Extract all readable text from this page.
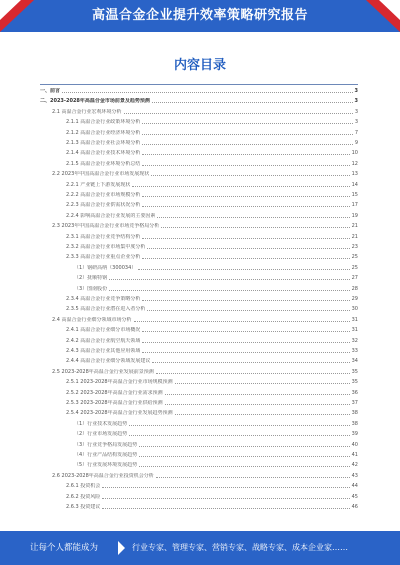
高温合金企业提升效率策略研究报告
内容目录
一、前言	3
二、2023-2028年高温合金市场前景及趋势预测	3
2.1 高温合金行业宏观环境分析	3
2.1.1 高温合金行业政策环境分析	3
2.1.2 高温合金行业经济环境分析	7
2.1.3 高温合金行业社会环境分析	9
2.1.4 高温合金行业技术环境分析	10
2.1.5 高温合金行业环境分析总结	12
2.2 2023年中国高温合金行业市场发展现状	13
2.2.1 产业链上下游发展现状	14
2.2.2 高温合金行业市场规模分析	15
2.2.3 高温合金行业供需状况分析	17
2.2.4 影响高温合金行业发展的主要因素	19
2.3 2023年中国高温合金行业市场竞争格局分析	21
2.3.1 高温合金行业竞争结构分析	21
2.3.2 高温合金行业市场集中度分析	23
2.3.3 高温合金行业重点企业分析	25
（1）钢研高纳（300034）	25
（2）抚顺特钢	27
（3）图南股份	28
2.3.4 高温合金行业竞争策略分析	29
2.3.5 高温合金行业潜在进入者分析	30
2.4 高温合金行业细分领域市场分析	31
2.4.1 高温合金行业细分市场概况	31
2.4.2 高温合金行业航空航天领域	32
2.4.3 高温合金行业其他应用领域	33
2.4.4 高温合金行业细分领域发展建议	34
2.5 2023-2028年高温合金行业发展前景预测	35
2.5.1 2023-2028年高温合金行业市场规模预测	35
2.5.2 2023-2028年高温合金行业需求预测	36
2.5.3 2023-2028年高温合金行业供给预测	37
2.5.4 2023-2028年高温合金行业发展趋势预测	38
（1）行业技术发展趋势	38
（2）行业市场发展趋势	39
（3）行业竞争格局发展趋势	40
（4）行业产品结构发展趋势	41
（5）行业发展环境发展趋势	42
2.6 2023-2028年高温合金行业投资机会分析	43
2.6.1 投资机会	44
2.6.2 投资风险	45
2.6.3 投资建议	46
让每个人都能成为	行业专家、管理专家、营销专家、战略专家、成本企业家……
